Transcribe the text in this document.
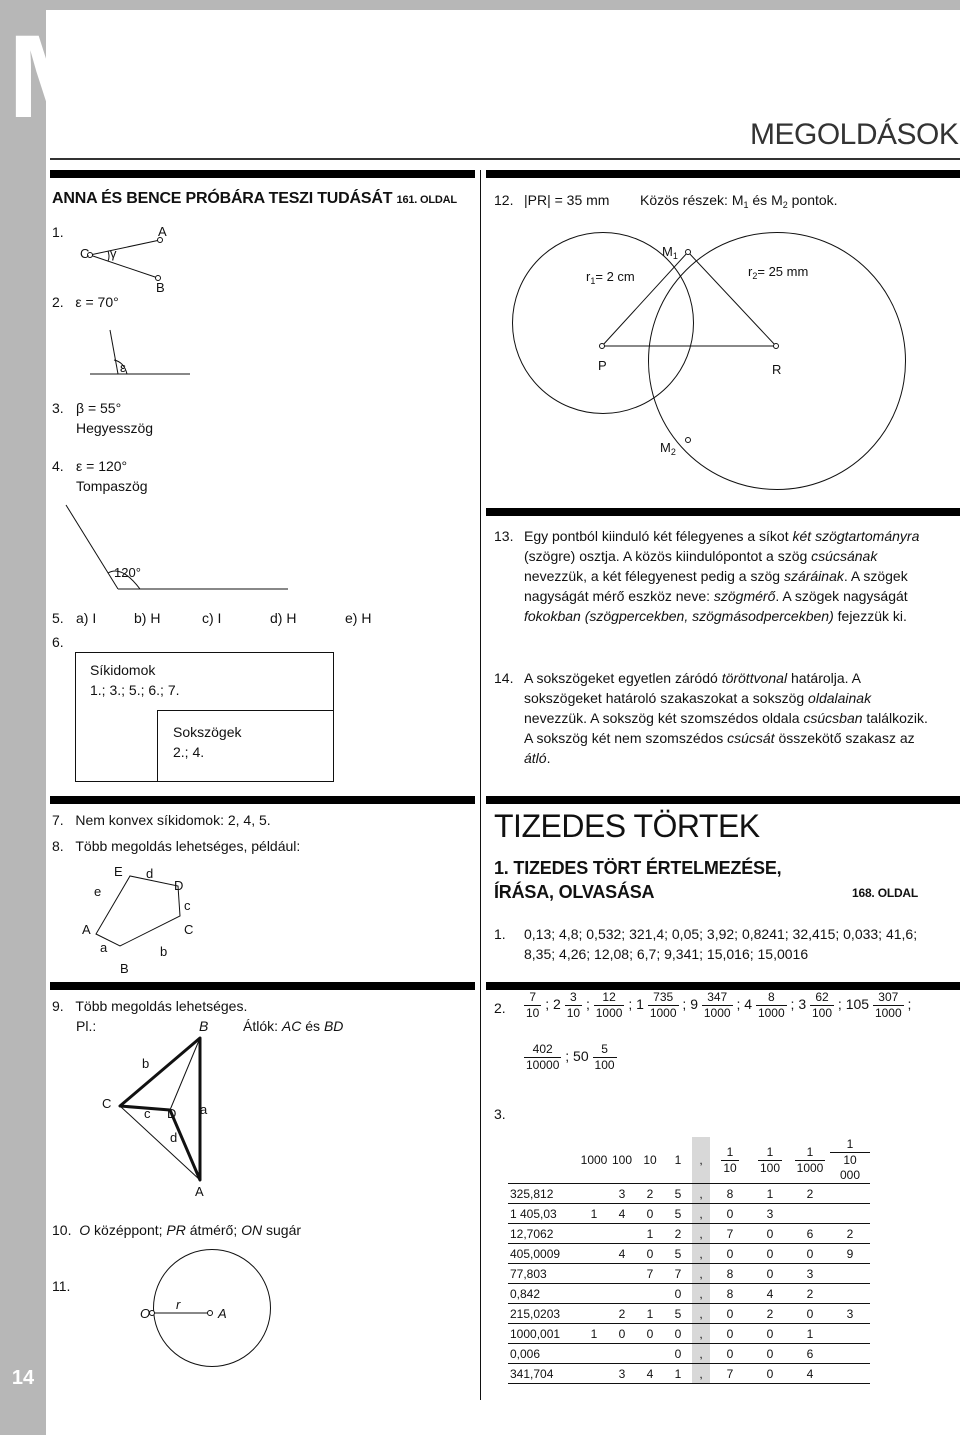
M
14
MEGOLDÁSOK
ANNA ÉS BENCE PRÓBÁRA TESZI TUDÁSÁT 161. OLDAL
1.
C γ
A
B
2. ε = 70°
ε
3. β = 55°
Hegyesszög
4. ε = 120°
Tompaszög
120°
5. a) I	b) H	c) I	d) H	e) H
6.
Síkidomok
1.; 3.; 5.; 6.; 7.
Sokszögek
2.; 4.
7. Nem konvex síkidomok: 2, 4, 5.
8. Több megoldás lehetséges, például:
E d
D
e
c
A	C
a	b
B
9. Több megoldás lehetséges.
Pl.:	B Átlók: AC és BD
b
C
c D a
d
A
10. O középpont; PR átmérő; ON sugár
11.
O
r
A
12. |PR| = 35 mm Közös részek: $M_1$ és $M_2$ pontok.
$M_1$
$r_1= 2$ cm	$r_2= 25$ mm
P	R
$M_2$
13. Egy pontból kiinduló két félegyenes a síkot két szögtartományra (szögre) osztja. A közös kiindulópontot a szög csúcsának nevezzük, a két félegyenest pedig a szög száráinak. A szögek nagyságát mérő eszköz neve: szögmérő. A szögek nagyságát fokokban (szögpercekben, szögmásodpercekben) fejezzük ki.
14. A sokszögeket egyetlen záródó töröttvonal határolja. A sokszögeket határoló szakaszokat a sokszög oldalainak nevezzük. A sokszög két szomszédos oldala csúcsban találkozik. A sokszög két nem szomszédos csúcsát összekötő szakasz az átló.
TIZEDES TÖRTEK
1. TIZEDES TÖRT ÉRTELMEZÉSE,
ÍRÁSA, OLVASÁSA	168. OLDAL
1. 0,13; 4,8; 0,532; 321,4; 0,05; 3,92; 0,8241; 32,415; 0,033; 41,6;
8,35; 4,26; 12,08; 6,7; 9,341; 15,016; 15,0016
2. $\frac{7}{10}$ ; $2 \frac{3}{10}$ ; $\frac{12}{1000}$ ; $1 \frac{735}{1000}$ ; $9 \frac{347}{1000}$ ; $4 \frac{8}{1000}$ ; $3 \frac{62}{100}$ ; $105 \frac{307}{1000}$ ;
$\frac{402}{10000}$ ; $50 \frac{5}{100}$
3.
	1000	100	10	1	,	$\frac{1}{10}$	$\frac{1}{100}$	$\frac{1}{1000}$	$\frac{1}{10 000}$

325,812		3	2	5	,	8	1	2	
1 405,03	1	4	0	5	,	0	3		
12,7062			1	2	,	7	0	6	2
405,0009		4	0	5	,	0	0	0	9
77,803			7	7	,	8	0	3	
0,842				0	,	8	4	2	
215,0203		2	1	5	,	0	2	0	3
1000,001	1	0	0	0	,	0	0	1	
0,006				0	,	0	0	6	
341,704		3	4	1	,	7	0	4	
